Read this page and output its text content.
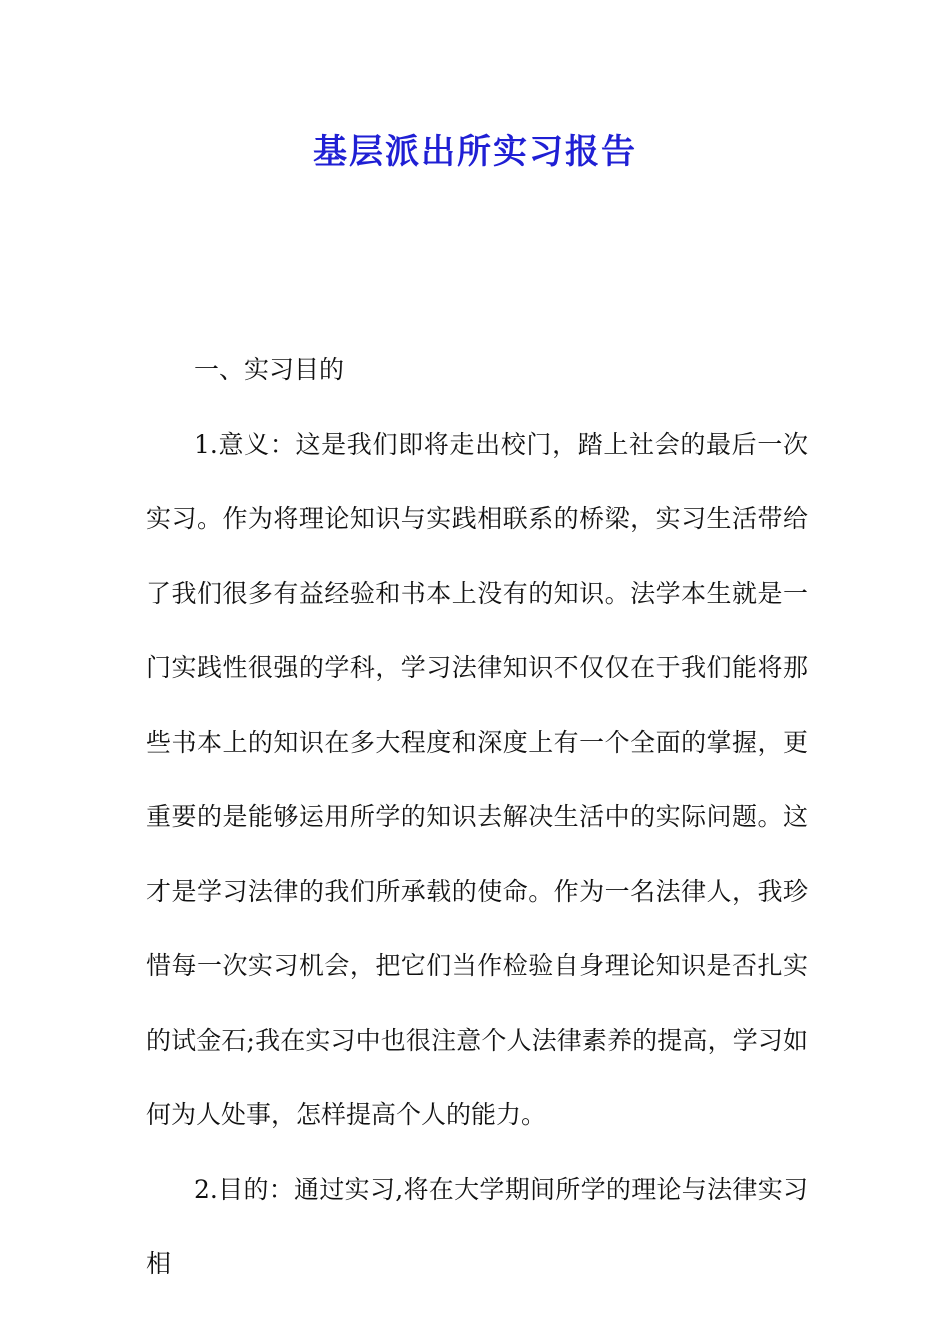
基层派出所实习报告

一、实习目的

1.意义：这是我们即将走出校门，踏上社会的最后一次实习。作为将理论知识与实践相联系的桥梁，实习生活带给了我们很多有益经验和书本上没有的知识。法学本生就是一门实践性很强的学科，学习法律知识不仅仅在于我们能将那些书本上的知识在多大程度和深度上有一个全面的掌握，更重要的是能够运用所学的知识去解决生活中的实际问题。这才是学习法律的我们所承载的使命。作为一名法律人，我珍惜每一次实习机会，把它们当作检验自身理论知识是否扎实的试金石;我在实习中也很注意个人法律素养的提高，学习如何为人处事，怎样提高个人的能力。

2.目的：通过实习,将在大学期间所学的理论与法律实习相
